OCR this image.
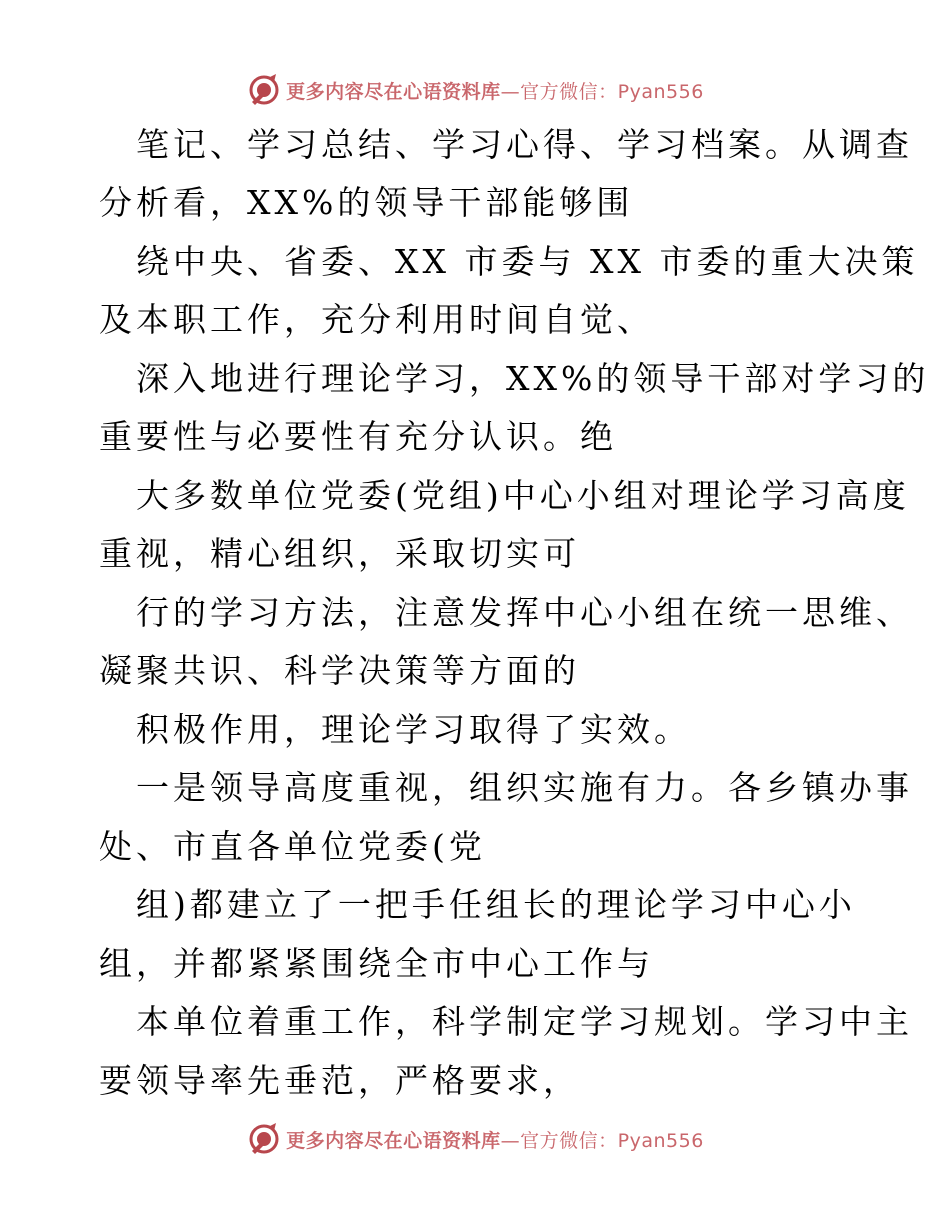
更多内容尽在心语资料库—官方微信：Pyan556
笔记、学习总结、学习心得、学习档案。从调查
分析看，XX%的领导干部能够围
绕中央、省委、XX 市委与 XX 市委的重大决策
及本职工作，充分利用时间自觉、
深入地进行理论学习，XX%的领导干部对学习的
重要性与必要性有充分认识。绝
大多数单位党委(党组)中心小组对理论学习高度
重视，精心组织，采取切实可
行的学习方法，注意发挥中心小组在统一思维、
凝聚共识、科学决策等方面的
积极作用，理论学习取得了实效。
一是领导高度重视，组织实施有力。各乡镇办事
处、市直各单位党委(党
组)都建立了一把手任组长的理论学习中心小
组，并都紧紧围绕全市中心工作与
本单位着重工作，科学制定学习规划。学习中主
要领导率先垂范，严格要求，
更多内容尽在心语资料库—官方微信：Pyan556
